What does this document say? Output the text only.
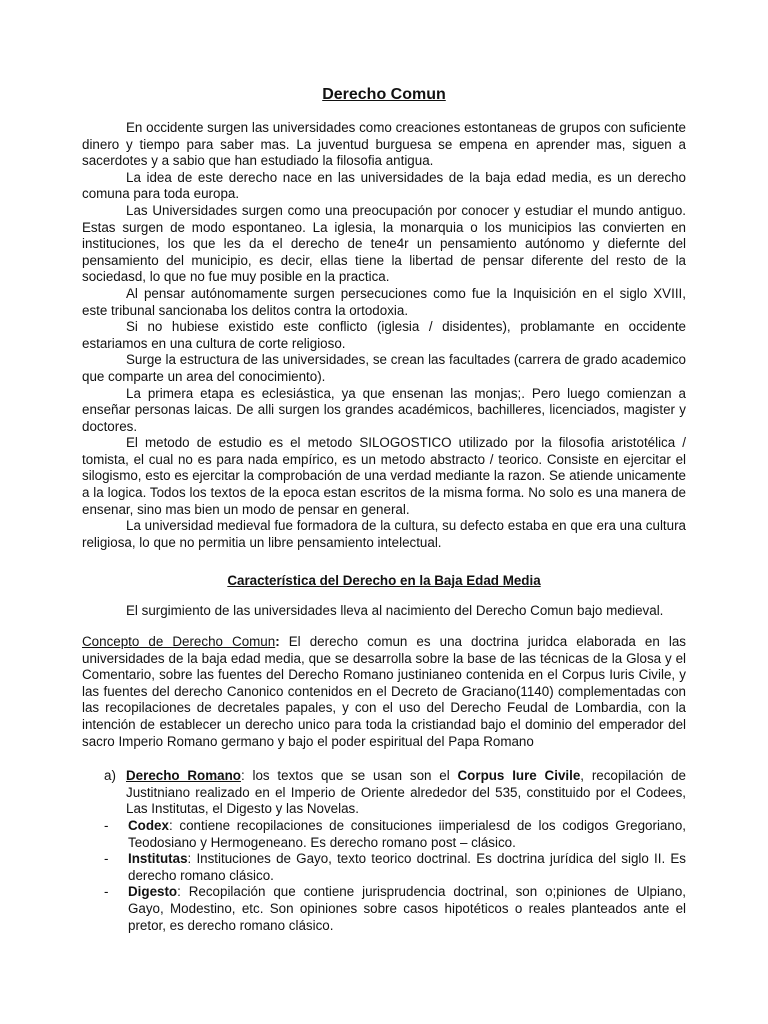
Derecho Comun

En occidente surgen las universidades como creaciones estontaneas de grupos con suficiente dinero y tiempo para saber mas. La juventud burguesa se empena en aprender mas, siguen a sacerdotes y a sabio que han estudiado la filosofia antigua.

La idea de este derecho nace en las universidades de la baja edad media, es un derecho comuna para toda europa.

Las Universidades surgen como una preocupación por conocer y estudiar el mundo antiguo. Estas surgen de modo espontaneo. La iglesia, la monarquia o los municipios las convierten en instituciones, los que les da el derecho de tene4r un pensamiento autónomo y diefernte del pensamiento del municipio, es decir, ellas tiene la libertad de pensar diferente del resto de la sociedasd, lo que no fue muy posible en la practica.

Al pensar autónomamente surgen persecuciones como fue la Inquisición en el siglo XVIII, este tribunal sancionaba los delitos contra la ortodoxia.

Si no hubiese existido este conflicto (iglesia / disidentes), problamante en occidente estariamos en una cultura de corte religioso.

Surge la estructura de las universidades, se crean las facultades (carrera de grado academico que comparte un area del conocimiento).

La primera etapa es eclesiástica, ya que ensenan las monjas;. Pero luego comienzan a enseñar personas laicas. De alli surgen los grandes académicos, bachilleres, licenciados, magister y doctores.

El metodo de estudio es el metodo SILOGOSTICO utilizado por la filosofia aristotélica / tomista, el cual no es para nada empírico, es un metodo abstracto / teorico. Consiste en ejercitar el silogismo, esto es ejercitar la comprobación de una verdad mediante la razon. Se atiende unicamente a la logica. Todos los textos de la epoca estan escritos de la misma forma. No solo es una manera de ensenar, sino mas bien un modo de pensar en general.

La universidad medieval fue formadora de la cultura, su defecto estaba en que era una cultura religiosa, lo que no permitia un libre pensamiento intelectual.

Característica del Derecho en la Baja Edad Media

El surgimiento de las universidades lleva al nacimiento del Derecho Comun bajo medieval.

Concepto de Derecho Comun: El derecho comun es una doctrina juridca elaborada en las universidades de la baja edad media, que se desarrolla sobre la base de las técnicas de la Glosa y el Comentario, sobre las fuentes del Derecho Romano justinianeo contenida en el Corpus Iuris Civile, y las fuentes del derecho Canonico contenidos en el Decreto de Graciano(1140) complementadas con las recopilaciones de decretales papales, y con el uso del Derecho Feudal de Lombardia, con la intención de establecer un derecho unico para toda la cristiandad bajo el dominio del emperador del sacro Imperio Romano germano y bajo el poder espiritual del Papa Romano

a) Derecho Romano: los textos que se usan son el Corpus Iure Civile, recopilación de Justitniano realizado en el Imperio de Oriente alrededor del 535, constituido por el Codees, Las Institutas, el Digesto y las Novelas.

- Codex: contiene recopilaciones de consituciones iimperialesd de los codigos Gregoriano, Teodosiano y Hermogeneano. Es derecho romano post – clásico.
- Institutas: Instituciones de Gayo, texto teorico doctrinal. Es doctrina jurídica del siglo II. Es derecho romano clásico.
- Digesto: Recopilación que contiene jurisprudencia doctrinal, son o;piniones de Ulpiano, Gayo, Modestino, etc. Son opiniones sobre casos hipotéticos o reales planteados ante el pretor, es derecho romano clásico.
